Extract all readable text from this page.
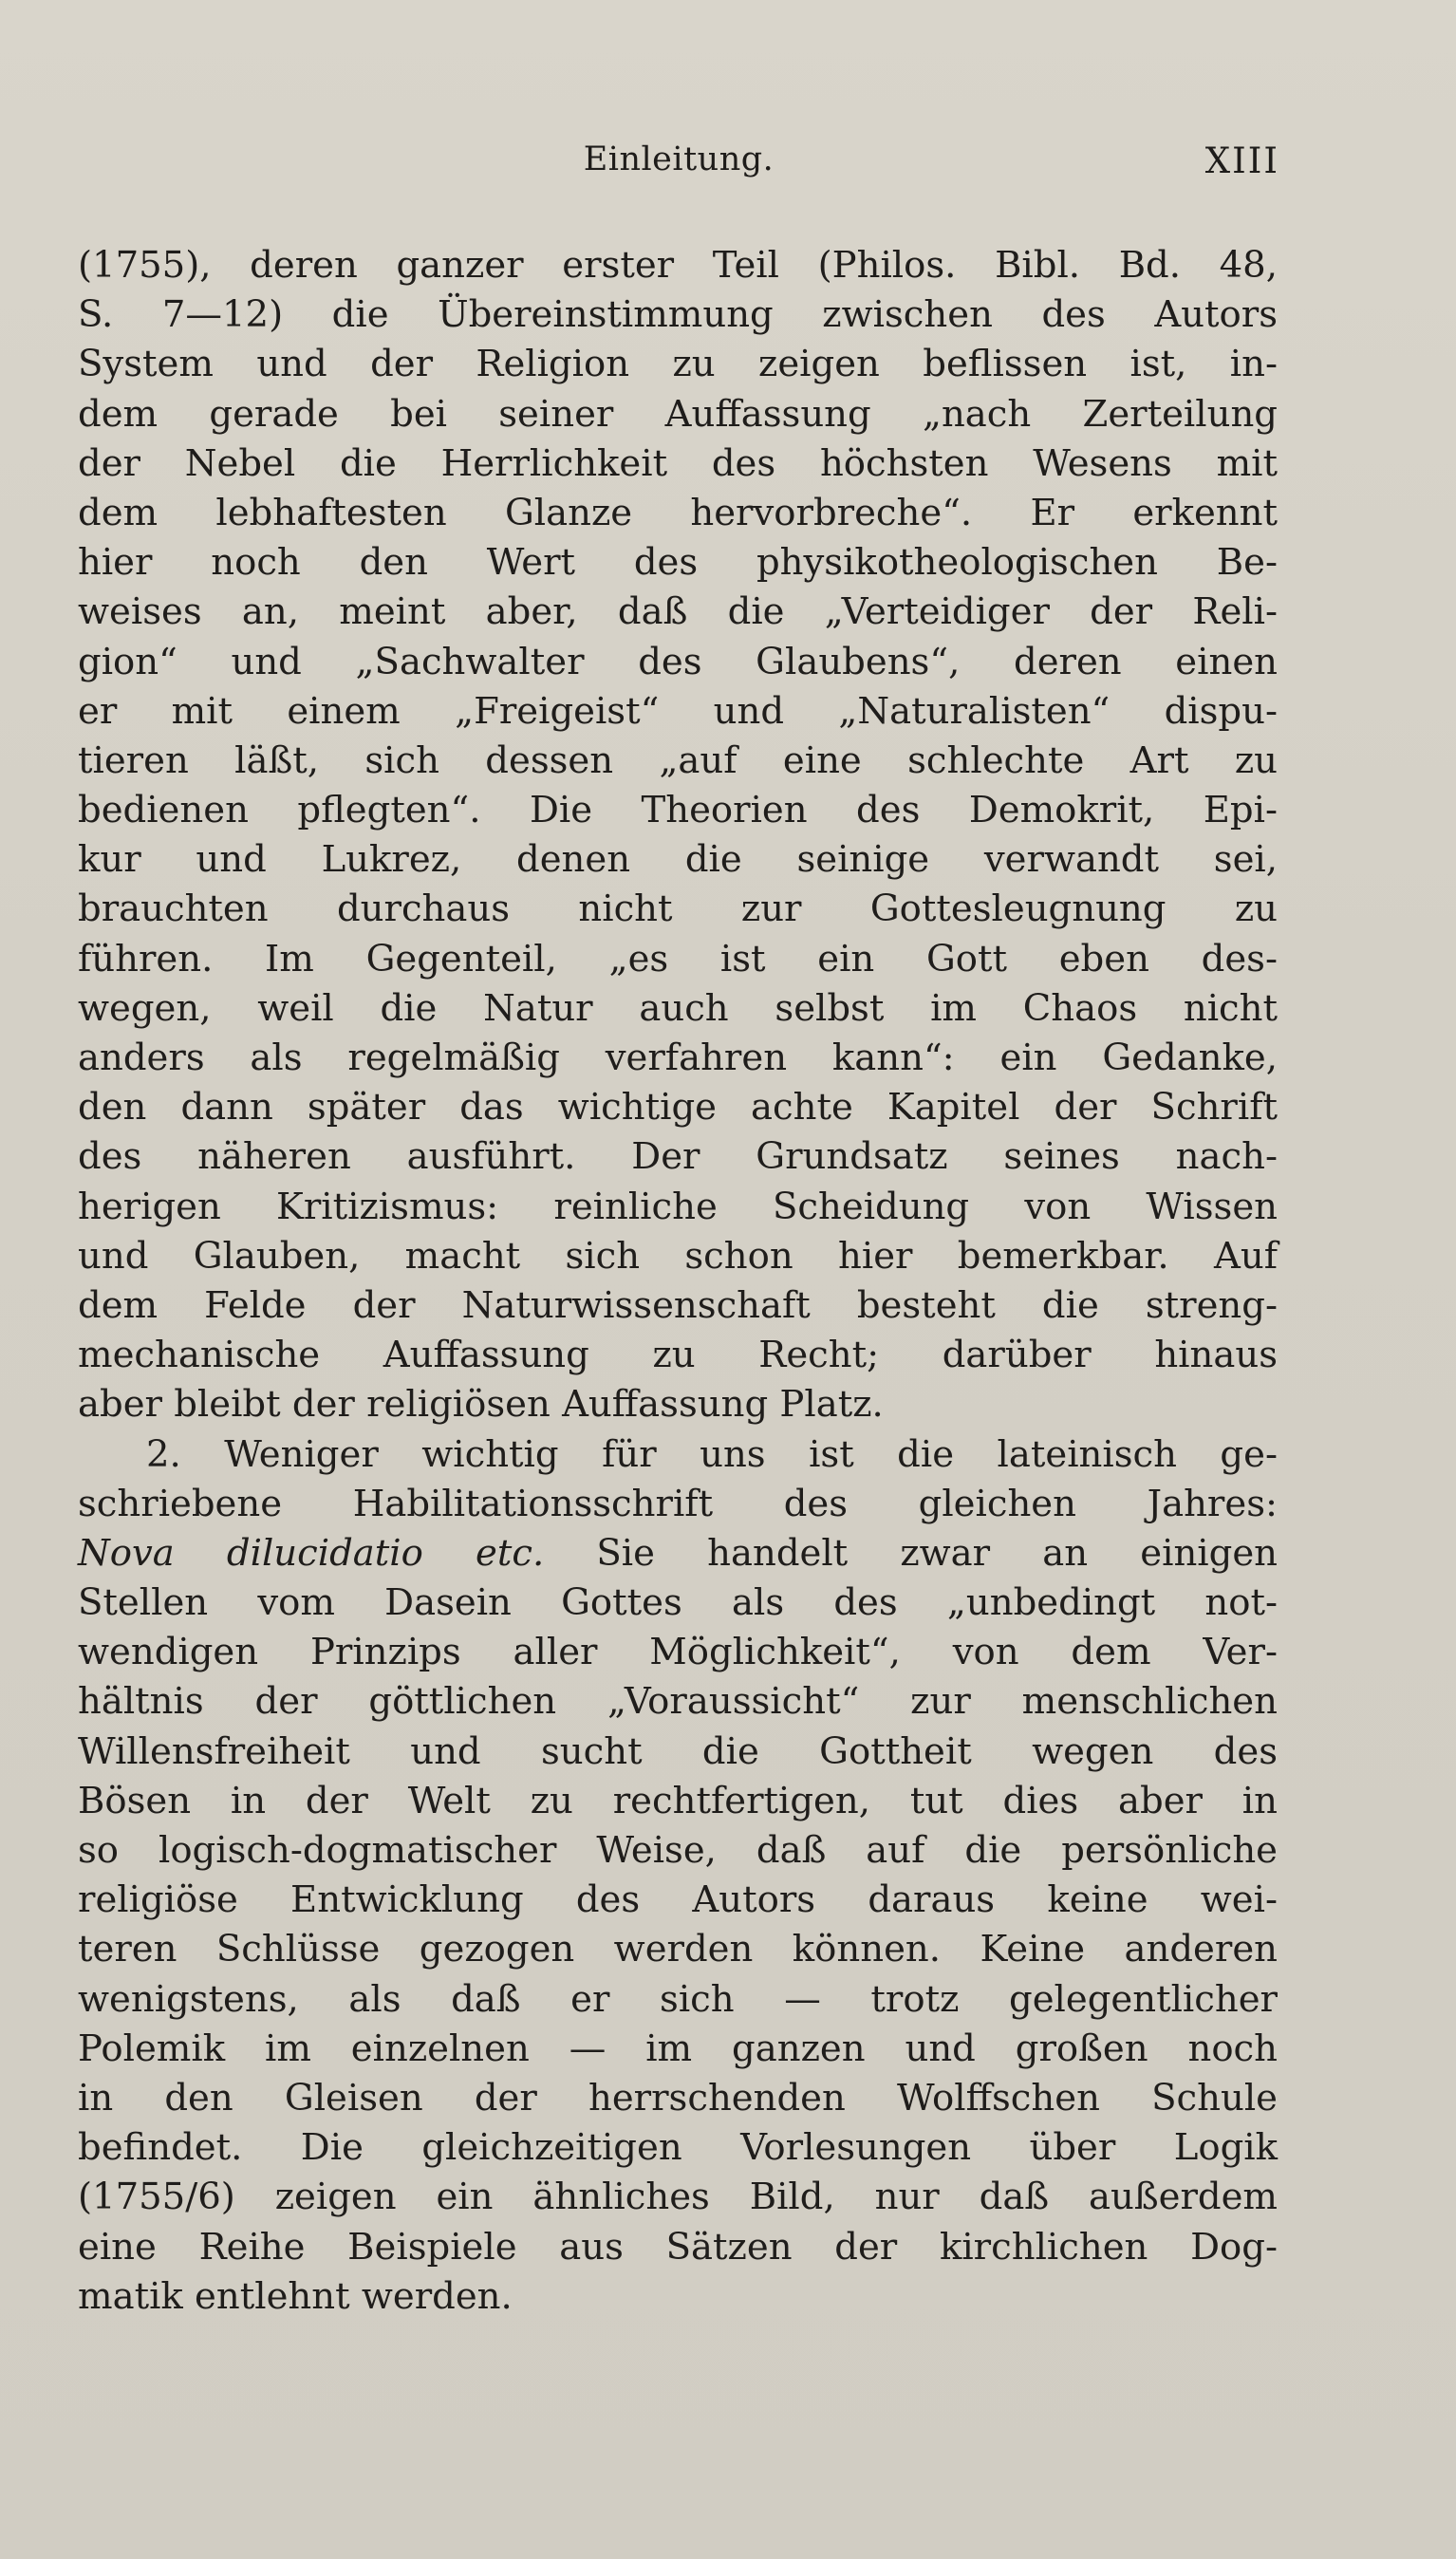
Einleitung.	XIII
(1755), deren ganzer erster Teil (Philos. Bibl. Bd. 48,
S. 7—12) die Übereinstimmung zwischen des Autors
System und der Religion zu zeigen beflissen ist, in-
dem gerade bei seiner Auffassung „nach Zerteilung
der Nebel die Herrlichkeit des höchsten Wesens mit
dem lebhaftesten Glanze hervorbreche“. Er erkennt
hier noch den Wert des physikotheologischen Be-
weises an, meint aber, daß die „Verteidiger der Reli-
gion“ und „Sachwalter des Glaubens“, deren einen
er mit einem „Freigeist“ und „Naturalisten“ dispu-
tieren läßt, sich dessen „auf eine schlechte Art zu
bedienen pflegten“. Die Theorien des Demokrit, Epi-
kur und Lukrez, denen die seinige verwandt sei,
brauchten durchaus nicht zur Gottesleugnung zu
führen. Im Gegenteil, „es ist ein Gott eben des-
wegen, weil die Natur auch selbst im Chaos nicht
anders als regelmäßig verfahren kann“: ein Gedanke,
den dann später das wichtige achte Kapitel der Schrift
des näheren ausführt. Der Grundsatz seines nach-
herigen Kritizismus: reinliche Scheidung von Wissen
und Glauben, macht sich schon hier bemerkbar. Auf
dem Felde der Naturwissenschaft besteht die streng-
mechanische Auffassung zu Recht; darüber hinaus
aber bleibt der religiösen Auffassung Platz.
2. Weniger wichtig für uns ist die lateinisch ge-
schriebene Habilitationsschrift des gleichen Jahres:
Nova dilucidatio etc. Sie handelt zwar an einigen
Stellen vom Dasein Gottes als des „unbedingt not-
wendigen Prinzips aller Möglichkeit“, von dem Ver-
hältnis der göttlichen „Voraussicht“ zur menschlichen
Willensfreiheit und sucht die Gottheit wegen des
Bösen in der Welt zu rechtfertigen, tut dies aber in
so logisch-dogmatischer Weise, daß auf die persönliche
religiöse Entwicklung des Autors daraus keine wei-
teren Schlüsse gezogen werden können. Keine anderen
wenigstens, als daß er sich — trotz gelegentlicher
Polemik im einzelnen — im ganzen und großen noch
in den Gleisen der herrschenden Wolffschen Schule
befindet. Die gleichzeitigen Vorlesungen über Logik
(1755/6) zeigen ein ähnliches Bild, nur daß außerdem
eine Reihe Beispiele aus Sätzen der kirchlichen Dog-
matik entlehnt werden.
